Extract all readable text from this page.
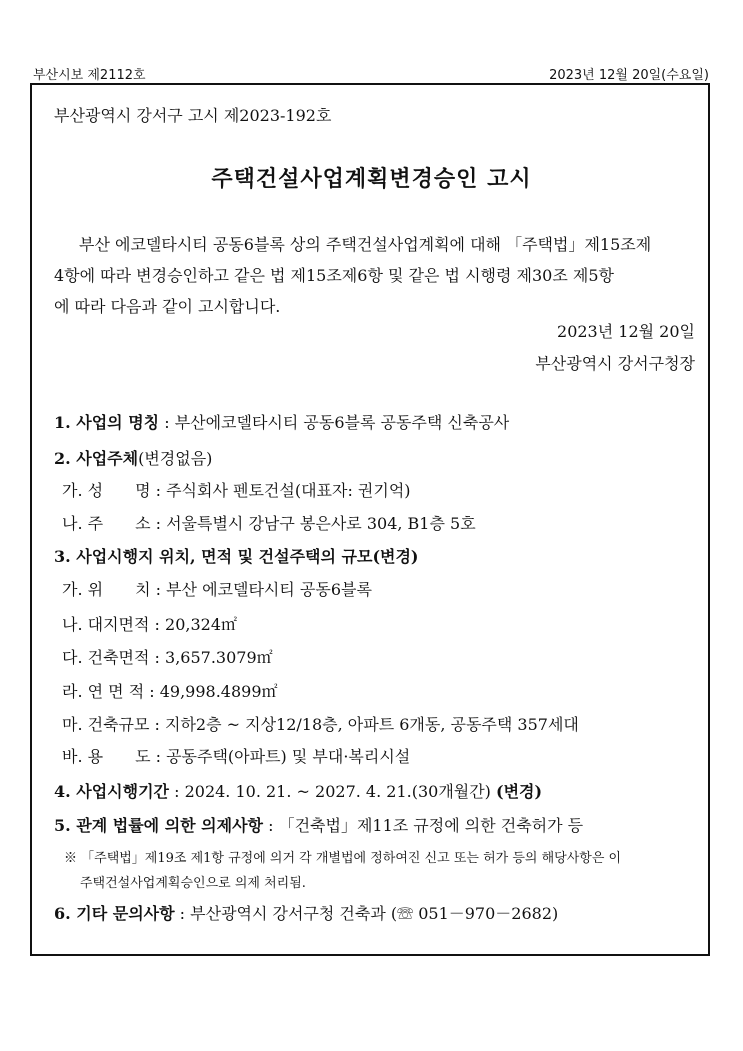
부산시보 제2112호	2023년 12월 20일(수요일)
부산광역시 강서구 고시 제2023-192호
주택건설사업계획변경승인 고시
부산 에코델타시티 공동6블록 상의 주택건설사업계획에 대해 「주택법」제15조제
4항에 따라 변경승인하고 같은 법 제15조제6항 및 같은 법 시행령 제30조 제5항
에 따라 다음과 같이 고시합니다.
2023년 12월 20일
부산광역시 강서구청장
1. 사업의 명칭 : 부산에코델타시티 공동6블록 공동주택 신축공사
2. 사업주체(변경없음)
가. 성　　명 : 주식회사 펜토건설(대표자: 권기억)
나. 주　　소 : 서울특별시 강남구 봉은사로 304, B1층 5호
3. 사업시행지 위치, 면적 및 건설주택의 규모(변경)
가. 위　　치 : 부산 에코델타시티 공동6블록
나. 대지면적 : 20,324㎡
다. 건축면적 : 3,657.3079㎡
라. 연 면 적 : 49,998.4899㎡
마. 건축규모 : 지하2층 ~ 지상12/18층, 아파트 6개동, 공동주택 357세대
바. 용　　도 : 공동주택(아파트) 및 부대·복리시설
4. 사업시행기간 : 2024. 10. 21. ~ 2027. 4. 21.(30개월간) (변경)
5. 관계 법률에 의한 의제사항 : 「건축법」제11조 규정에 의한 건축허가 등
※ 「주택법」제19조 제1항 규정에 의거 각 개별법에 정하여진 신고 또는 허가 등의 해당사항은 이
주택건설사업계획승인으로 의제 처리됨.
6. 기타 문의사항 : 부산광역시 강서구청 건축과 (☏ 051－970－2682)
